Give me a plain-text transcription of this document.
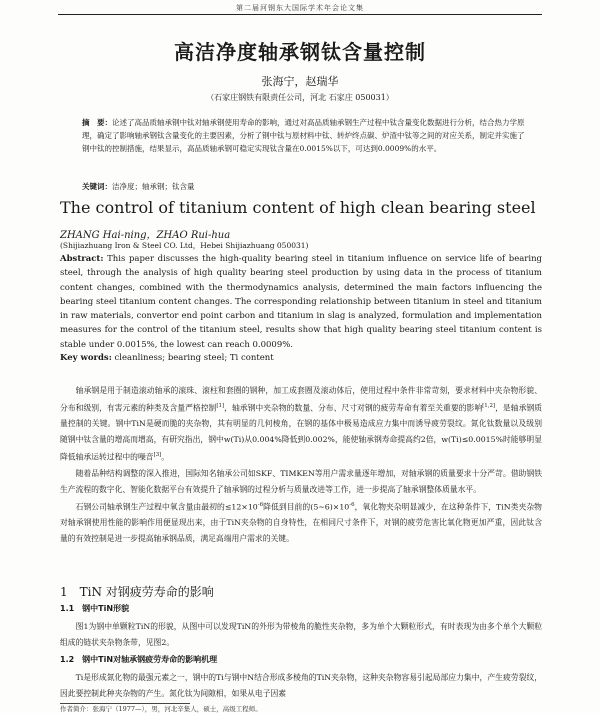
第二届河钢东大国际学术年会论文集
高洁净度轴承钢钛含量控制
张海宁，赵瑞华
（石家庄钢铁有限责任公司，河北 石家庄 050031）
摘　要：论述了高品质轴承钢中钛对轴承钢使用寿命的影响，通过对高品质轴承钢生产过程中钛含量变化数据进行分析，结合热力学原理，确定了影响轴承钢钛含量变化的主要因素，分析了钢中钛与原材料中钛、转炉终点碳、炉渣中钛等之间的对应关系，制定并实施了钢中钛的控制措施，结果显示，高品质轴承钢可稳定实现钛含量在0.0015%以下，可达到0.0009%的水平。
关键词：洁净度；轴承钢；钛含量
The control of titanium content of high clean bearing steel
ZHANG Hai-ning，ZHAO Rui-hua
(Shijiazhuang Iron & Steel CO. Ltd，Hebei Shijiazhuang 050031)

Abstract: This paper discusses the high-quality bearing steel in titanium influence on service life of bearing steel, through the analysis of high quality bearing steel production by using data in the process of titanium content changes, combined with the thermodynamics analysis, determined the main factors influencing the bearing steel titanium content changes. The corresponding relationship between titanium in steel and titanium in raw materials, convertor end point carbon and titanium in slag is analyzed, formulation and implementation measures for the control of the titanium steel, results show that high quality bearing steel titanium content is stable under 0.0015%, the lowest can reach 0.0009%.

Key words: cleanliness; bearing steel; Ti content

轴承钢是用于制造滚动轴承的滚珠、滚柱和套圈的钢种，加工成套圈及滚动体后，使用过程中条件非常苛刻，要求材料中夹杂物形貌、分布和级别，有害元素的种类及含量严格控制[1]，轴承钢中夹杂物的数量、分布、尺寸对钢的疲劳寿命有着至关重要的影响[1,2]，是轴承钢质量控制的关键。钢中TiN是硬而脆的夹杂物，其有明显的几何棱角，在钢的基体中极易造成应力集中而诱导疲劳裂纹。氮化钛数量以及级别随钢中钛含量的增高而增高，有研究指出，钢中w(Ti)从0.004%降低到0.002%，能使轴承钢寿命提高约2倍，w(Ti)≤0.0015%时能够明显降低轴承运转过程中的噪音[3]。

随着品种结构调整的深入推进，国际知名轴承公司如SKF、TIMKEN等用户需求量逐年增加，对轴承钢的质量要求十分严苛。借助钢铁生产流程的数字化、智能化数据平台有效提升了轴承钢的过程分析与质量改进等工作，进一步提高了轴承钢整体质量水平。

石钢公司轴承钢生产过程中氧含量由最初的$\le 12\times 10^{-6}$降低到目前的$(5\sim 6)\times 10^{-6}$，氧化物夹杂明显减少，在这种条件下，TiN类夹杂物对轴承钢使用性能的影响作用便显现出来，由于TiN夹杂物的自身特性，在相同尺寸条件下，对钢的疲劳危害比氧化物更加严重，因此钛含量的有效控制是进一步提高轴承钢品质，满足高端用户需求的关键。

1　TiN 对钢疲劳寿命的影响
1.1　钢中TiN形貌

图1为钢中单颗粒TiN的形貌，从图中可以发现TiN的外形为带棱角的脆性夹杂物，多为单个大颗粒形式，有时表现为由多个单个大颗粒组成的链状夹杂物条带，见图2。

1.2　钢中TiN对轴承钢疲劳寿命的影响机理

Ti是形成氮化物的最强元素之一，钢中的Ti与钢中N结合形成多棱角的TiN夹杂物，这种夹杂物容易引起局部应力集中，产生疲劳裂纹，因此要控制此种夹杂物的产生。氮化钛为间隙相，如果从电子因素

作者简介：张海宁（1977—），男，河北辛集人，硕士，高级工程师。
